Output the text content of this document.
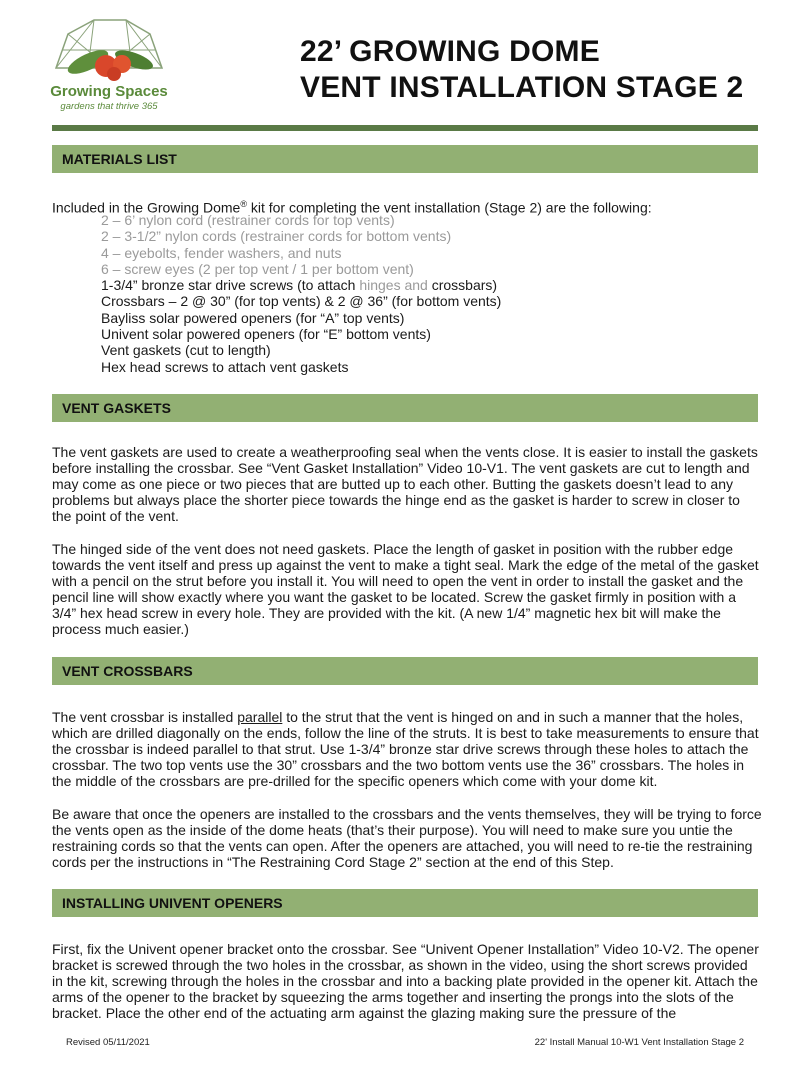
Growing Spaces
gardens that thrive 365
22’ GROWING DOME
VENT INSTALLATION STAGE 2
MATERIALS LIST
Included in the Growing Dome® kit for completing the vent installation (Stage 2) are the following:
2 – 6’ nylon cord (restrainer cords for top vents)
2 – 3-1/2” nylon cords (restrainer cords for bottom vents)
4 – eyebolts, fender washers, and nuts
6 – screw eyes (2 per top vent / 1 per bottom vent)
1-3/4” bronze star drive screws (to attach hinges and crossbars)
Crossbars – 2 @ 30” (for top vents) & 2 @ 36” (for bottom vents)
Bayliss solar powered openers (for “A” top vents)
Univent solar powered openers (for “E” bottom vents)
Vent gaskets (cut to length)
Hex head screws to attach vent gaskets
VENT GASKETS

The vent gaskets are used to create a weatherproofing seal when the vents close. It is easier to install the gaskets before installing the crossbar. See “Vent Gasket Installation” Video 10-V1. The vent gaskets are cut to length and may come as one piece or two pieces that are butted up to each other. Butting the gaskets doesn’t lead to any problems but always place the shorter piece towards the hinge end as the gasket is harder to screw in closer to the point of the vent.

The hinged side of the vent does not need gaskets. Place the length of gasket in position with the rubber edge towards the vent itself and press up against the vent to make a tight seal. Mark the edge of the metal of the gasket with a pencil on the strut before you install it. You will need to open the vent in order to install the gasket and the pencil line will show exactly where you want the gasket to be located. Screw the gasket firmly in position with a 3/4” hex head screw in every hole. They are provided with the kit. (A new 1/4” magnetic hex bit will make the process much easier.)

VENT CROSSBARS

The vent crossbar is installed parallel to the strut that the vent is hinged on and in such a manner that the holes, which are drilled diagonally on the ends, follow the line of the struts. It is best to take measurements to ensure that the crossbar is indeed parallel to that strut. Use 1-3/4” bronze star drive screws through these holes to attach the crossbar. The two top vents use the 30” crossbars and the two bottom vents use the 36” crossbars. The holes in the middle of the crossbars are pre-drilled for the specific openers which come with your dome kit.

Be aware that once the openers are installed to the crossbars and the vents themselves, they will be trying to force the vents open as the inside of the dome heats (that’s their purpose). You will need to make sure you untie the restraining cords so that the vents can open. After the openers are attached, you will need to re-tie the restraining cords per the instructions in “The Restraining Cord Stage 2” section at the end of this Step.

INSTALLING UNIVENT OPENERS

First, fix the Univent opener bracket onto the crossbar. See “Univent Opener Installation” Video 10-V2. The opener bracket is screwed through the two holes in the crossbar, as shown in the video, using the short screws provided in the kit, screwing through the holes in the crossbar and into a backing plate provided in the opener kit. Attach the arms of the opener to the bracket by squeezing the arms together and inserting the prongs into the slots of the bracket. Place the other end of the actuating arm against the glazing making sure the pressure of the

Revised 05/11/2021	22' Install Manual 10-W1 Vent Installation Stage 2
